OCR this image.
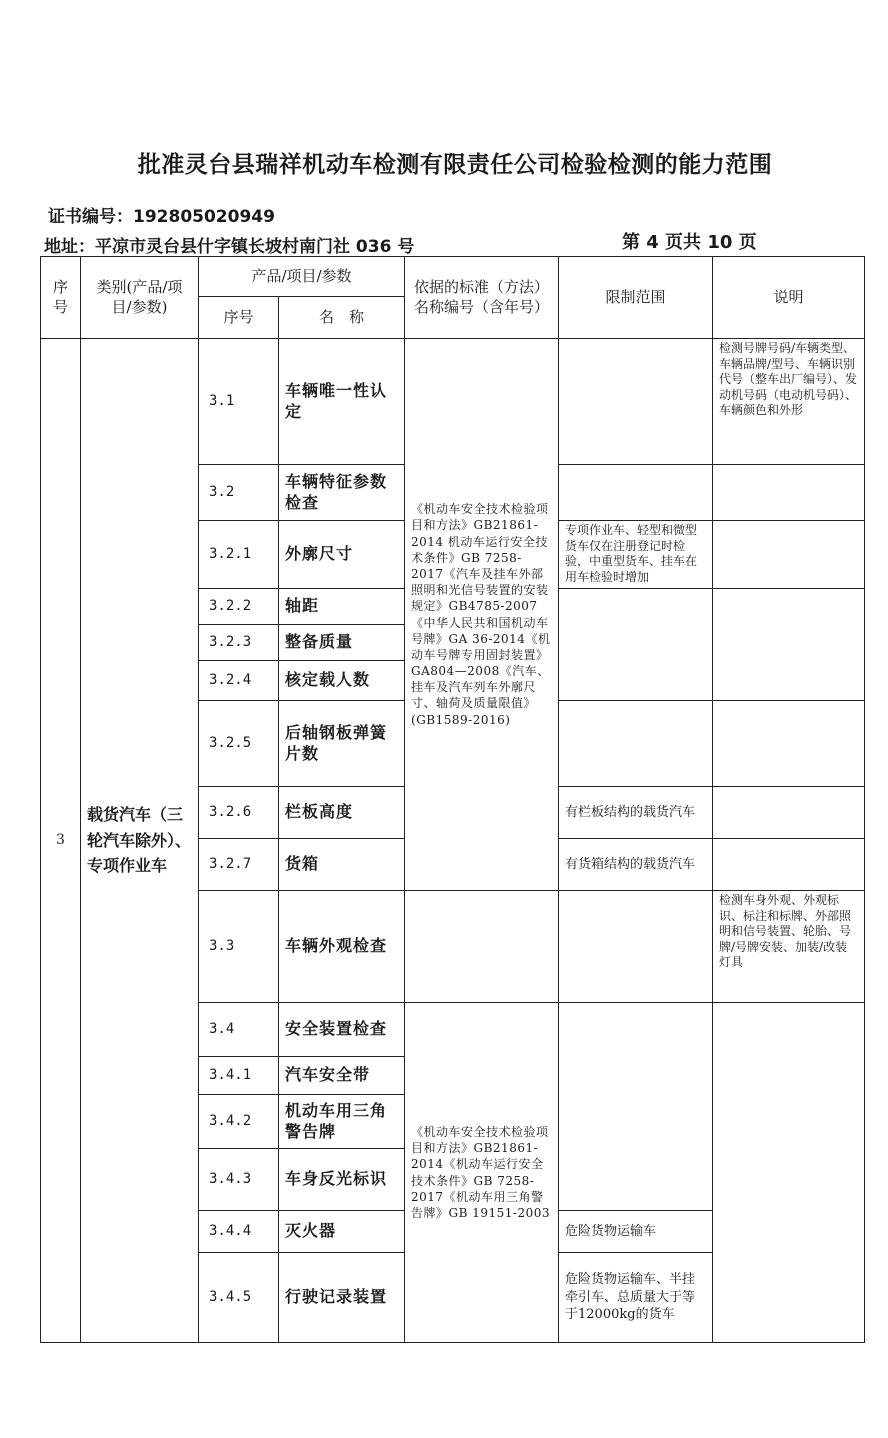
批准灵台县瑞祥机动车检测有限责任公司检验检测的能力范围
证书编号：192805020949
地址：平凉市灵台县什字镇长坡村南门社 036 号	第 4 页共 10 页
序号	类别(产品/项目/参数)	产品/项目/参数		依据的标准（方法）名称编号（含年号）	限制范围	说明
		序号	名　称			
3	载货汽车（三轮汽车除外）、专项作业车	3.1	车辆唯一性认定	《机动车安全技术检验项目和方法》GB21861-2014 机动车运行安全技术条件》GB 7258-2017《汽车及挂车外部照明和光信号装置的安装规定》GB4785-2007《中华人民共和国机动车号牌》GA 36-2014《机动车号牌专用固封装置》GA804—2008《汽车、挂车及汽车列车外廓尺寸、轴荷及质量限值》(GB1589-2016)		检测号牌号码/车辆类型、车辆品牌/型号、车辆识别代号（整车出厂编号）、发动机号码（电动机号码）、车辆颜色和外形
		3.2	车辆特征参数检查			
		3.2.1	外廓尺寸		专项作业车、轻型和微型货车仅在注册登记时检验，中重型货车、挂车在用车检验时增加	
		3.2.2	轴距			
		3.2.3	整备质量			
		3.2.4	核定载人数			
		3.2.5	后轴钢板弹簧片数			
		3.2.6	栏板高度		有栏板结构的载货汽车	
		3.2.7	货箱		有货箱结构的载货汽车	
		3.3	车辆外观检查			检测车身外观、外观标识、标注和标牌、外部照明和信号装置、轮胎、号牌/号牌安装、加装/改装灯具
		3.4	安全装置检查	《机动车安全技术检验项目和方法》GB21861-2014《机动车运行安全技术条件》GB 7258-2017《机动车用三角警告牌》GB 19151-2003		
		3.4.1	汽车安全带			
		3.4.2	机动车用三角警告牌			
		3.4.3	车身反光标识			
		3.4.4	灭火器		危险货物运输车	
		3.4.5	行驶记录装置		危险货物运输车、半挂牵引车、总质量大于等于12000kg的货车	
